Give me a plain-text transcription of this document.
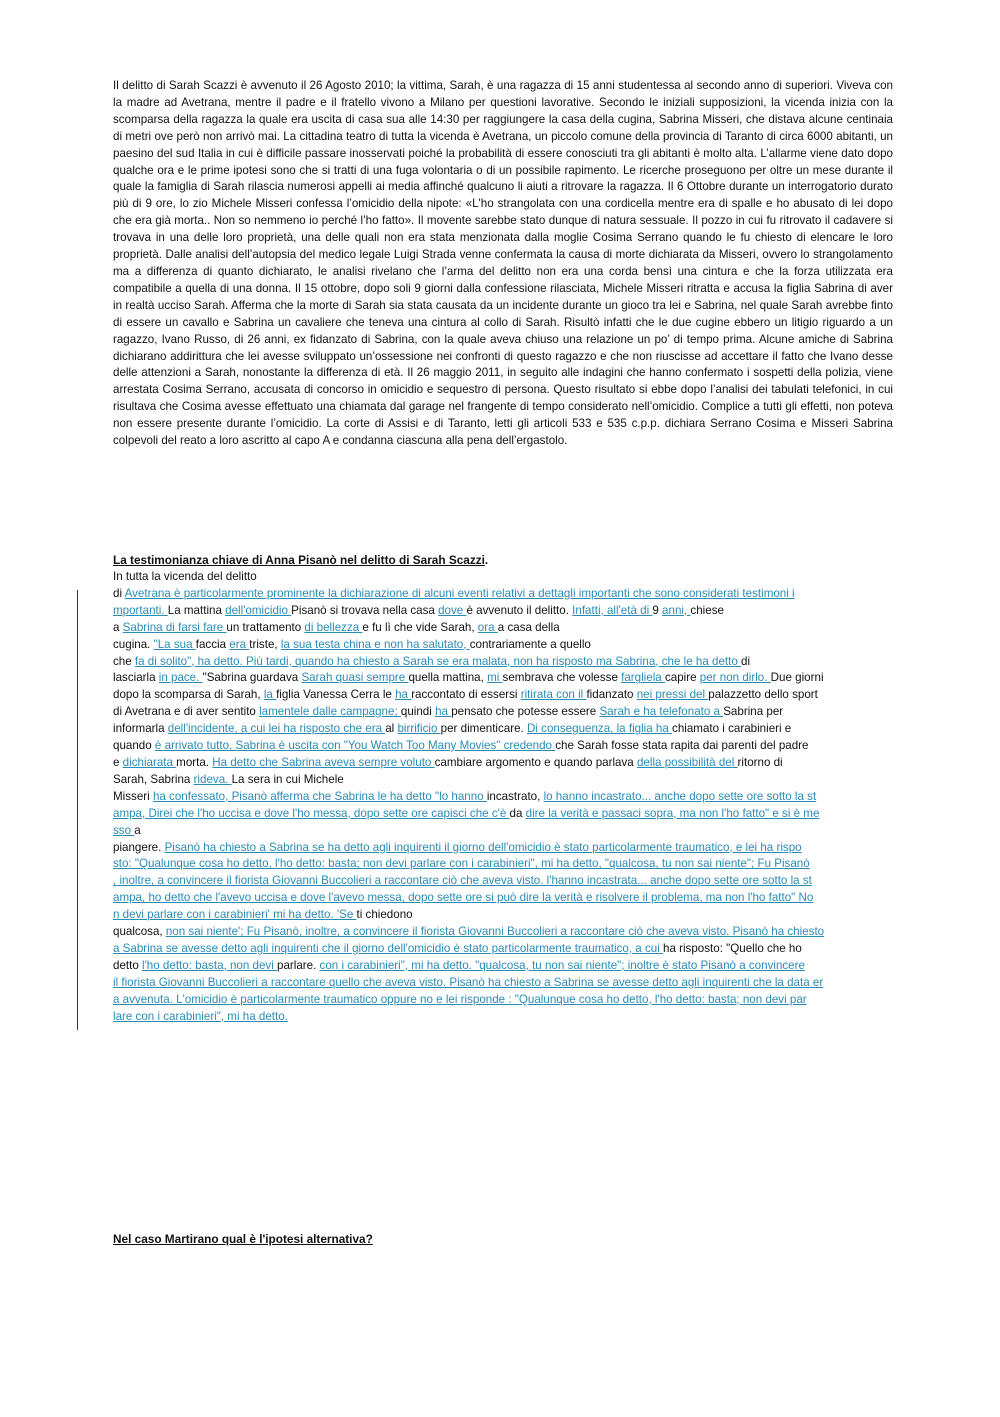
Il delitto di Sarah Scazzi è avvenuto il 26 Agosto 2010; la vittima, Sarah, è una ragazza di 15 anni studentessa al secondo anno di superiori. Viveva con la madre ad Avetrana, mentre il padre e il fratello vivono a Milano per questioni lavorative. Secondo le iniziali supposizioni, la vicenda inizia con la scomparsa della ragazza la quale era uscita di casa sua alle 14:30 per raggiungere la casa della cugina, Sabrina Misseri, che distava alcune centinaia di metri ove però non arrivò mai. La cittadina teatro di tutta la vicenda è Avetrana, un piccolo comune della provincia di Taranto di circa 6000 abitanti, un paesino del sud Italia in cui è difficile passare inosservati poiché la probabilità di essere conosciuti tra gli abitanti è molto alta. L’allarme viene dato dopo qualche ora e le prime ipotesi sono che si tratti di una fuga volontaria o di un possibile rapimento. Le ricerche proseguono per oltre un mese durante il quale la famiglia di Sarah rilascia numerosi appelli ai media affinché qualcuno li aiuti a ritrovare la ragazza. Il 6 Ottobre durante un interrogatorio durato più di 9 ore, lo zio Michele Misseri confessa l’omicidio della nipote: «L'ho strangolata con una cordicella mentre era di spalle e ho abusato di lei dopo che era già morta.. Non so nemmeno io perché l’ho fatto». Il movente sarebbe stato dunque di natura sessuale. Il pozzo in cui fu ritrovato il cadavere si trovava in una delle loro proprietà, una delle quali non era stata menzionata dalla moglie Cosima Serrano quando le fu chiesto di elencare le loro proprietà. Dalle analisi dell’autopsia del medico legale Luigi Strada venne confermata la causa di morte dichiarata da Misseri, ovvero lo strangolamento ma a differenza di quanto dichiarato, le analisi rivelano che l’arma del delitto non era una corda bensì una cintura e che la forza utilizzata era compatibile a quella di una donna. Il 15 ottobre, dopo soli 9 giorni dalla confessione rilasciata, Michele Misseri ritratta e accusa la figlia Sabrina di aver in realtà ucciso Sarah. Afferma che la morte di Sarah sia stata causata da un incidente durante un gioco tra lei e Sabrina, nel quale Sarah avrebbe finto di essere un cavallo e Sabrina un cavaliere che teneva una cintura al collo di Sarah. Risultò infatti che le due cugine ebbero un litigio riguardo a un ragazzo, Ivano Russo, di 26 anni, ex fidanzato di Sabrina, con la quale aveva chiuso una relazione un po’ di tempo prima. Alcune amiche di Sabrina dichiarano addirittura che lei avesse sviluppato un’ossessione nei confronti di questo ragazzo e che non riuscisse ad accettare il fatto che Ivano desse delle attenzioni a Sarah, nonostante la differenza di età. Il 26 maggio 2011, in seguito alle indagini che hanno confermato i sospetti della polizia, viene arrestata Cosima Serrano, accusata di concorso in omicidio e sequestro di persona. Questo risultato si ebbe dopo l’analisi dei tabulati telefonici, in cui risultava che Cosima avesse effettuato una chiamata dal garage nel frangente di tempo considerato nell’omicidio. Complice a tutti gli effetti, non poteva non essere presente durante l’omicidio. La corte di Assisi e di Taranto, letti gli articoli 533 e 535 c.p.p. dichiara Serrano Cosima e Misseri Sabrina colpevoli del reato a loro ascritto al capo A e condanna ciascuna alla pena dell’ergastolo.

La testimonianza chiave di Anna Pisanò nel delitto di Sarah Scazzi.

In tutta la vicenda del delitto
di Avetrana è particolarmente prominente la dichiarazione di alcuni eventi relativi a dettagli importanti che sono considerati testimoni i
mportanti. La mattina dell'omicidio Pisanò si trovava nella casa dove è avvenuto il delitto. Infatti, all'età di 9 anni, chiese
a Sabrina di farsi fare un trattamento di bellezza e fu lì che vide Sarah, ora a casa della
cugina. "La sua faccia era triste, la sua testa china e non ha salutato, contrariamente a quello
che fa di solito", ha detto. Più tardi, quando ha chiesto a Sarah se era malata, non ha risposto ma Sabrina, che le ha detto di
lasciarla in pace. "Sabrina guardava Sarah quasi sempre quella mattina, mi sembrava che volesse fargliela capire per non dirlo. Due giorni
dopo la scomparsa di Sarah, la figlia Vanessa Cerra le ha raccontato di essersi ritirata con il fidanzato nei pressi del palazzetto dello sport
di Avetrana e di aver sentito lamentele dalle campagne; quindi ha pensato che potesse essere Sarah e ha telefonato a Sabrina per
informarla dell'incidente, a cui lei ha risposto che era al birrificio per dimenticare. Di conseguenza, la figlia ha chiamato i carabinieri e
quando è arrivato tutto, Sabrina è uscita con "You Watch Too Many Movies" credendo che Sarah fosse stata rapita dai parenti del padre
e dichiarata morta. Ha detto che Sabrina aveva sempre voluto cambiare argomento e quando parlava della possibilità del ritorno di
Sarah, Sabrina rideva. La sera in cui Michele
Misseri ha confessato, Pisanò afferma che Sabrina le ha detto "lo hanno incastrato, lo hanno incastrato... anche dopo sette ore sotto la st
ampa, Direi che l'ho uccisa e dove l'ho messa, dopo sette ore capisci che c'è da dire la verità e passaci sopra, ma non l'ho fatto" e si è me
sso a
piangere. Pisanò ha chiesto a Sabrina se ha detto agli inquirenti il giorno dell'omicidio è stato particolarmente traumatico, e lei ha rispo
sto: "Qualunque cosa ho detto, l'ho detto: basta; non devi parlare con i carabinieri", mi ha detto, "qualcosa, tu non sai niente"; Fu Pisanò
, inoltre, a convincere il fiorista Giovanni Buccolieri a raccontare ciò che aveva visto. l'hanno incastrata... anche dopo sette ore sotto la st
ampa, ho detto che l'avevo uccisa e dove l'avevo messa, dopo sette ore si può dire la verità e risolvere il problema, ma non l'ho fatto" No
n devi parlare con i carabinieri' mi ha detto. 'Se ti chiedono
qualcosa, non sai niente'; Fu Pisanò, inoltre, a convincere il fiorista Giovanni Buccolieri a raccontare ciò che aveva visto. Pisanò ha chiesto
a Sabrina se avesse detto agli inquirenti che il giorno dell'omicidio è stato particolarmente traumatico, a cui ha risposto: "Quello che ho
detto l'ho detto: basta, non devi parlare. con i carabinieri", mi ha detto. "qualcosa, tu non sai niente"; inoltre è stato Pisanò a convincere
il fiorista Giovanni Buccolieri a raccontare quello che aveva visto. Pisanò ha chiesto a Sabrina se avesse detto agli inquirenti che la data er
a avvenuta. L'omicidio è particolarmente traumatico oppure no e lei risponde : "Qualunque cosa ho detto, l'ho detto: basta; non devi par
lare con i carabinieri", mi ha detto.

Nel caso Martirano qual è l'ipotesi alternativa?
